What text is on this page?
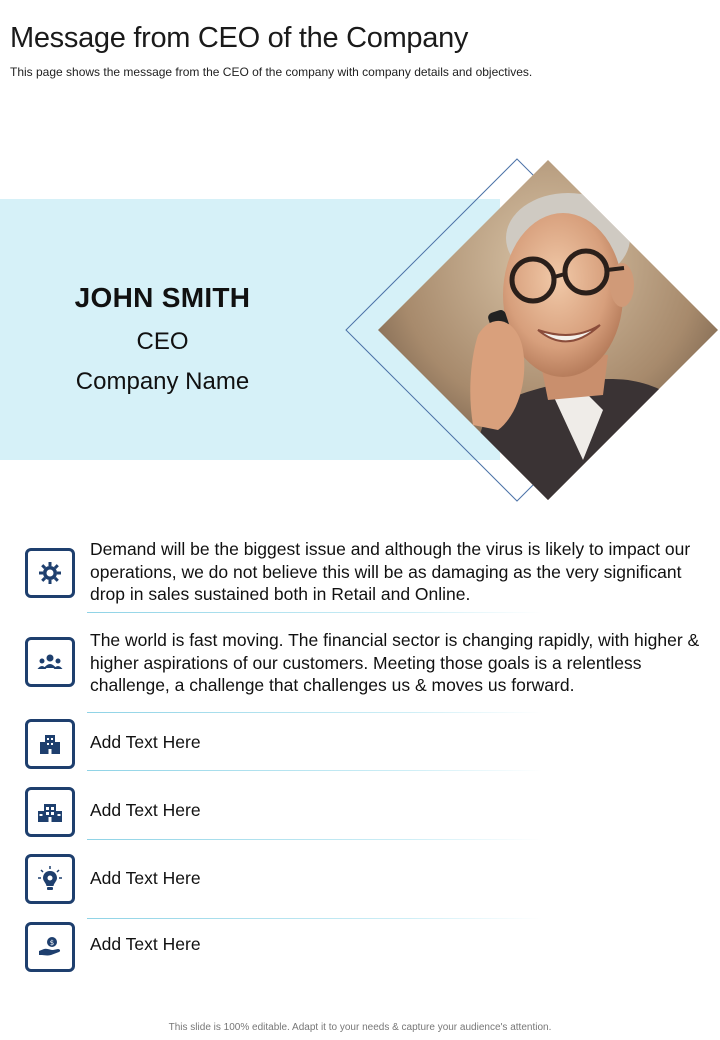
Message from CEO of the Company

This page shows the message from the CEO of the company with company details and objectives.

JOHN SMITH
CEO
Company Name
Demand will be the biggest issue and although the virus is likely to impact our operations, we do not believe this will be as damaging as the very significant drop in sales sustained both in Retail and Online.
The world is fast moving. The financial sector is changing rapidly, with higher & higher aspirations of our customers. Meeting those goals is a relentless challenge, a challenge that challenges us & moves us forward.
Add Text Here
Add Text Here
Add Text Here
$ Add Text Here
This slide is 100% editable. Adapt it to your needs & capture your audience's attention.
